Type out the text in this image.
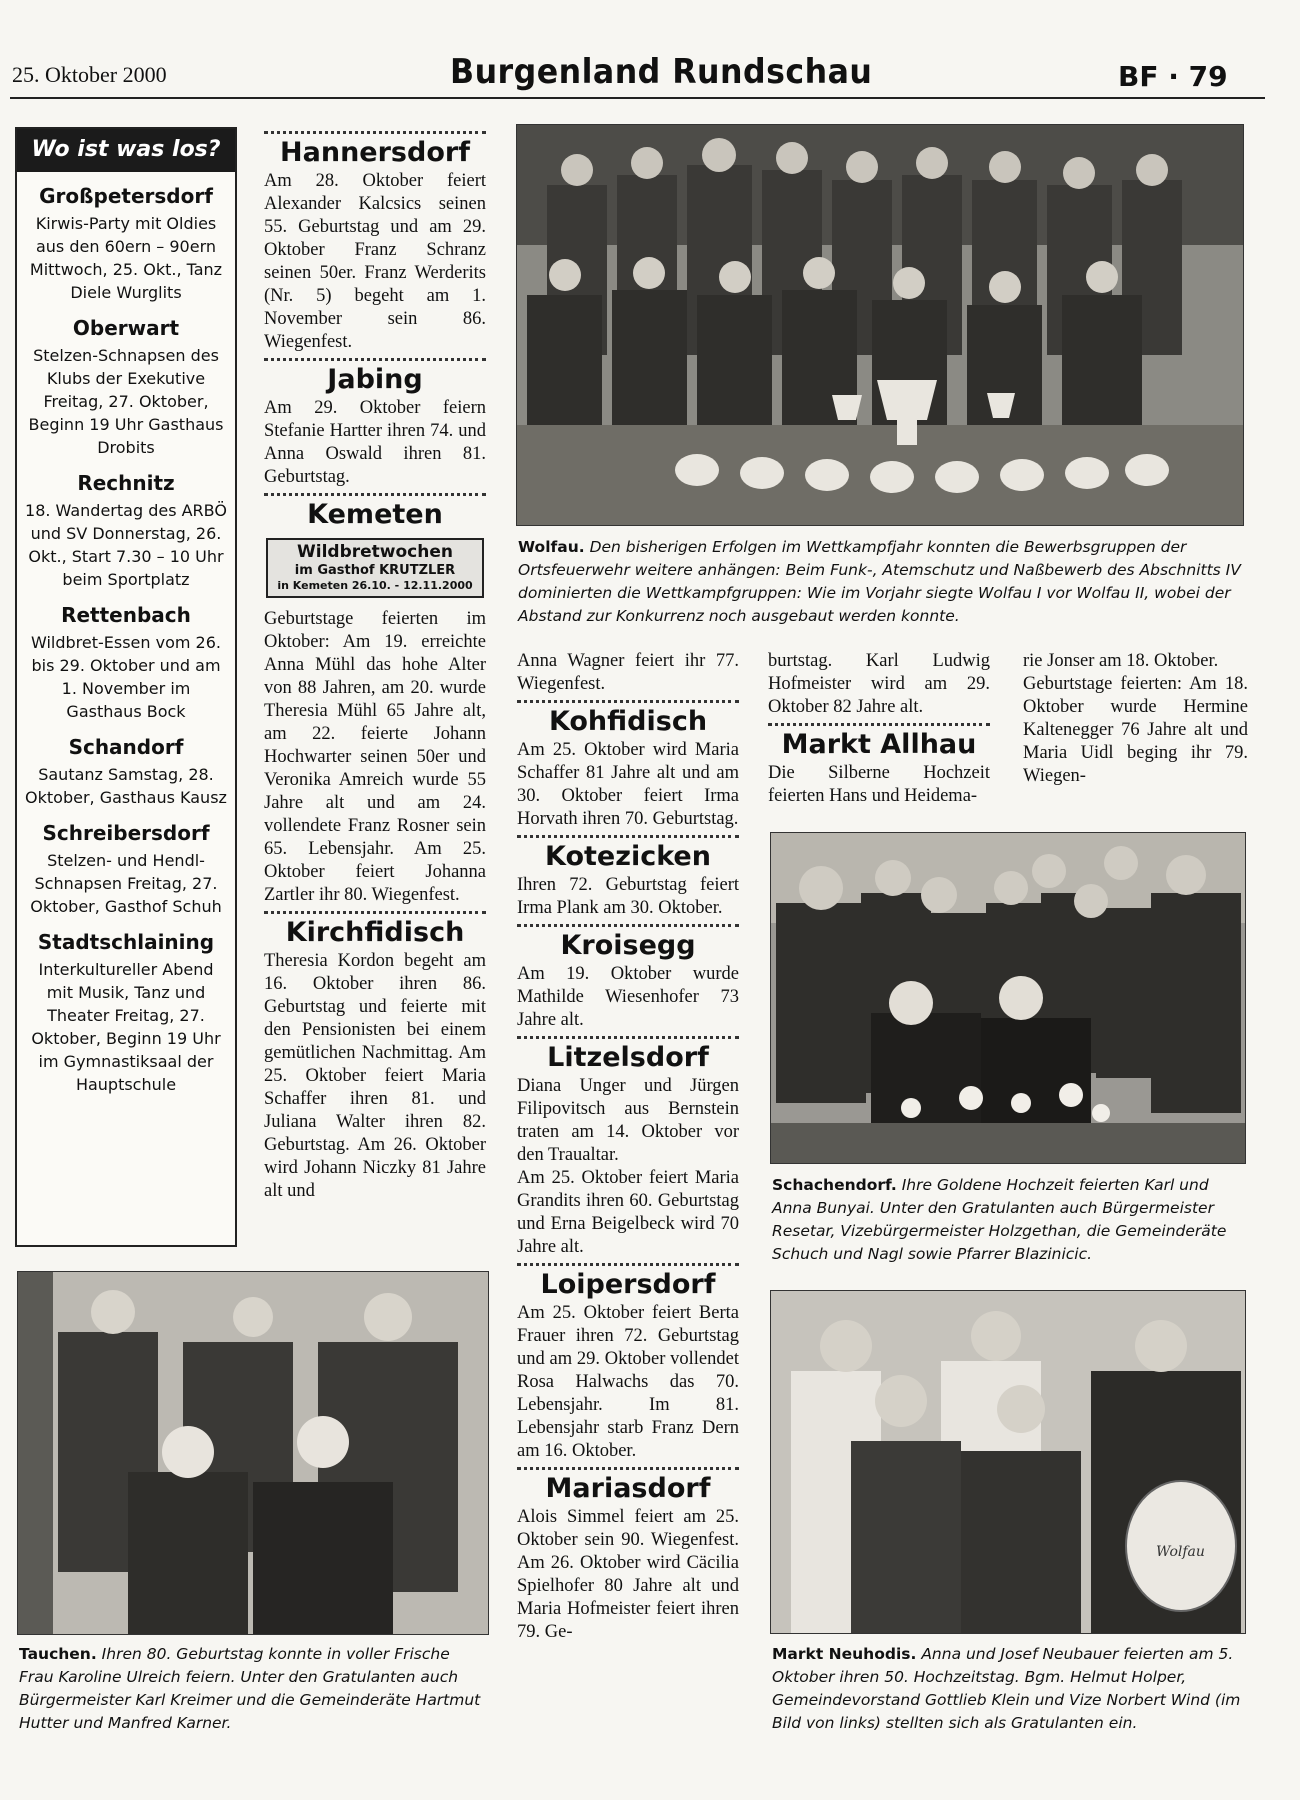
25. Oktober 2000	Burgenland Rundschau	BF · 79
Wo ist was los?
Großpetersdorf
Kirwis-Party mit Oldies aus den 60ern – 90ern Mittwoch, 25. Okt., Tanz Diele Wurglits
Oberwart
Stelzen-Schnapsen des Klubs der Exekutive Freitag, 27. Oktober, Beginn 19 Uhr Gasthaus Drobits
Rechnitz
18. Wandertag des ARBÖ und SV Donnerstag, 26. Okt., Start 7.30 – 10 Uhr beim Sportplatz
Rettenbach
Wildbret-Essen vom 26. bis 29. Oktober und am 1. November im Gasthaus Bock
Schandorf
Sautanz Samstag, 28. Oktober, Gasthaus Kausz
Schreibersdorf
Stelzen- und Hendl-Schnapsen Freitag, 27. Oktober, Gasthof Schuh
Stadtschlaining
Interkultureller Abend mit Musik, Tanz und Theater Freitag, 27. Oktober, Beginn 19 Uhr im Gymnastiksaal der Hauptschule
Hannersdorf

Am 28. Oktober feiert Alexander Kalcsics seinen 55. Geburtstag und am 29. Oktober Franz Schranz seinen 50er. Franz Werderits (Nr. 5) begeht am 1. November sein 86. Wiegenfest.

Jabing

Am 29. Oktober feiern Stefanie Hartter ihren 74. und Anna Oswald ihren 81. Geburtstag.

Kemeten
Wildbretwochen
im Gasthof KRUTZLER
in Kemeten 26.10. - 12.11.2000

Geburtstage feierten im Oktober: Am 19. erreichte Anna Mühl das hohe Alter von 88 Jahren, am 20. wurde Theresia Mühl 65 Jahre alt, am 22. feierte Johann Hochwarter seinen 50er und Veronika Amreich wurde 55 Jahre alt und am 24. vollendete Franz Rosner sein 65. Lebensjahr. Am 25. Oktober feiert Johanna Zartler ihr 80. Wiegenfest.

Kirchfidisch

Theresia Kordon begeht am 16. Oktober ihren 86. Geburtstag und feierte mit den Pensionisten bei einem gemütlichen Nachmittag. Am 25. Oktober feiert Maria Schaffer ihren 81. und Juliana Walter ihren 82. Geburtstag. Am 26. Oktober wird Johann Niczky 81 Jahre alt und

Anna Wagner feiert ihr 77. Wiegenfest.

Kohfidisch

Am 25. Oktober wird Maria Schaffer 81 Jahre alt und am 30. Oktober feiert Irma Horvath ihren 70. Geburtstag.

Kotezicken

Ihren 72. Geburtstag feiert Irma Plank am 30. Oktober.

Kroisegg

Am 19. Oktober wurde Mathilde Wiesenhofer 73 Jahre alt.

Litzelsdorf

Diana Unger und Jürgen Filipovitsch aus Bernstein traten am 14. Oktober vor den Traualtar.

Am 25. Oktober feiert Maria Grandits ihren 60. Geburtstag und Erna Beigelbeck wird 70 Jahre alt.

Loipersdorf

Am 25. Oktober feiert Berta Frauer ihren 72. Geburtstag und am 29. Oktober vollendet Rosa Halwachs das 70. Lebensjahr. Im 81. Lebensjahr starb Franz Dern am 16. Oktober.

Mariasdorf

Alois Simmel feiert am 25. Oktober sein 90. Wiegenfest. Am 26. Oktober wird Cäcilia Spielhofer 80 Jahre alt und Maria Hofmeister feiert ihren 79. Ge-

burtstag. Karl Ludwig Hofmeister wird am 29. Oktober 82 Jahre alt.

Markt Allhau

Die Silberne Hochzeit feierten Hans und Heidema-

rie Jonser am 18. Oktober.

Geburtstage feierten: Am 18. Oktober wurde Hermine Kaltenegger 76 Jahre alt und Maria Uidl beging ihr 79. Wiegen-

Wolfau. Den bisherigen Erfolgen im Wettkampfjahr konnten die Bewerbsgruppen der Ortsfeuerwehr weitere anhängen: Beim Funk-, Atemschutz und Naßbewerb des Abschnitts IV dominierten die Wettkampfgruppen: Wie im Vorjahr siegte Wolfau I vor Wolfau II, wobei der Abstand zur Konkurrenz noch ausgebaut werden konnte.
Schachendorf. Ihre Goldene Hochzeit feierten Karl und Anna Bunyai. Unter den Gratulanten auch Bürgermeister Resetar, Vizebürgermeister Holzgethan, die Gemeinderäte Schuch und Nagl sowie Pfarrer Blazinicic.
Tauchen. Ihren 80. Geburtstag konnte in voller Frische Frau Karoline Ulreich feiern. Unter den Gratulanten auch Bürgermeister Karl Kreimer und die Gemeinderäte Hartmut Hutter und Manfred Karner.
Wolfau
Markt Neuhodis. Anna und Josef Neubauer feierten am 5. Oktober ihren 50. Hochzeitstag. Bgm. Helmut Holper, Gemeindevorstand Gottlieb Klein und Vize Norbert Wind (im Bild von links) stellten sich als Gratulanten ein.
